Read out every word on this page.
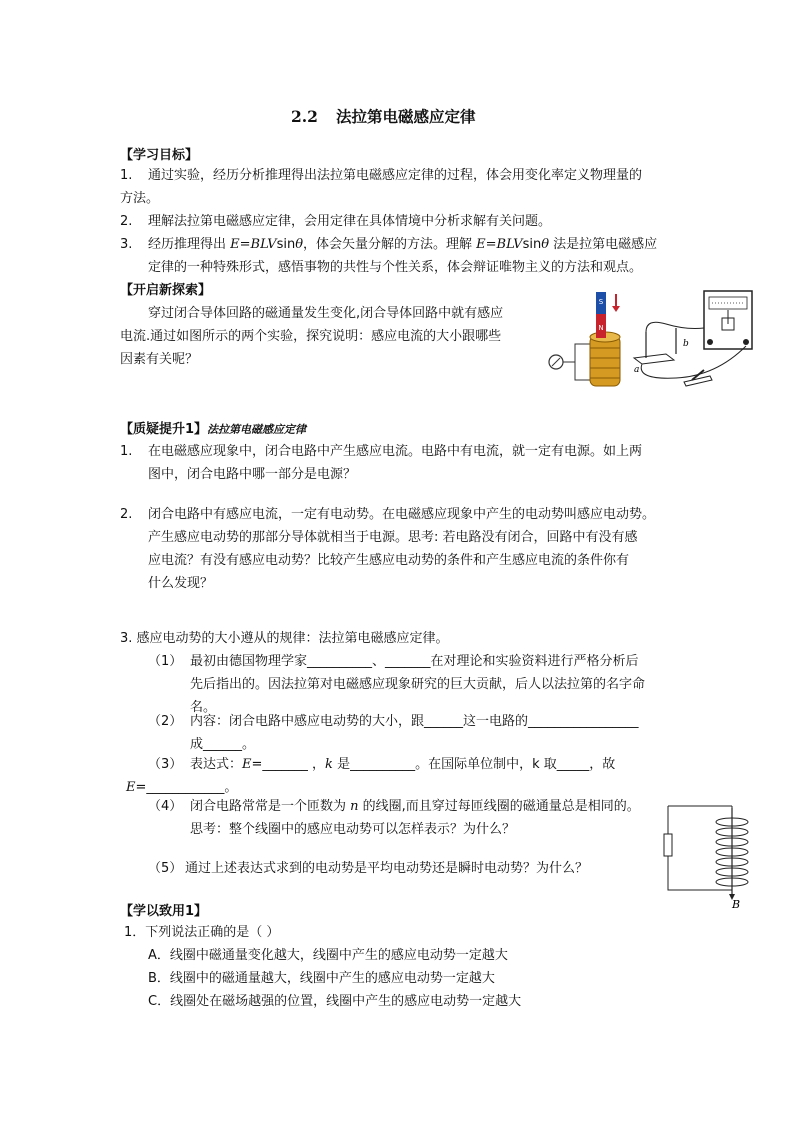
2.2 法拉第电磁感应定律
【学习目标】
1. 通过实验，经历分析推理得出法拉第电磁感应定律的过程，体会用变化率定义物理量的
方法。
2. 理解法拉第电磁感应定律，会用定律在具体情境中分析求解有关问题。
3. 经历推理得出 E=BLVsinθ，体会矢量分解的方法。理解 E=BLVsinθ 法是拉第电磁感应
定律的一种特殊形式，感悟事物的共性与个性关系，体会辩证唯物主义的方法和观点。
【开启新探索】
穿过闭合导体回路的磁通量发生变化,闭合导体回路中就有感应
电流.通过如图所示的两个实验，探究说明：感应电流的大小跟哪些
因素有关呢？
S
N
b
a
【质疑提升1】法拉第电磁感应定律
1. 在电磁感应现象中，闭合电路中产生感应电流。电路中有电流，就一定有电源。如上两
图中，闭合电路中哪一部分是电源？
2. 闭合电路中有感应电流，一定有电动势。在电磁感应现象中产生的电动势叫感应电动势。
产生感应电动势的那部分导体就相当于电源。思考: 若电路没有闭合，回路中有没有感
应电流？有没有感应电动势？比较产生感应电动势的条件和产生感应电流的条件你有
什么发现？
3. 感应电动势的大小遵从的规律：法拉第电磁感应定律。
（1） 最初由德国物理学家__________、_______在对理论和实验资料进行严格分析后
先后指出的。因法拉第对电磁感应现象研究的巨大贡献，后人以法拉第的名字命
名。
（2） 内容：闭合电路中感应电动势的大小，跟______这一电路的_________________
成______。
（3） 表达式：E=_______ ，k 是__________。在国际单位制中，k 取_____，故
E=____________。
（4） 闭合电路常常是一个匝数为 n 的线圈,而且穿过每匝线圈的磁通量总是相同的。
思考：整个线圈中的感应电动势可以怎样表示？为什么？
（5） 通过上述表达式求到的电动势是平均电动势还是瞬时电动势？为什么？
B
【学以致用1】
1．下列说法正确的是（ ）
A．线圈中磁通量变化越大，线圈中产生的感应电动势一定越大
B．线圈中的磁通量越大，线圈中产生的感应电动势一定越大
C．线圈处在磁场越强的位置，线圈中产生的感应电动势一定越大
